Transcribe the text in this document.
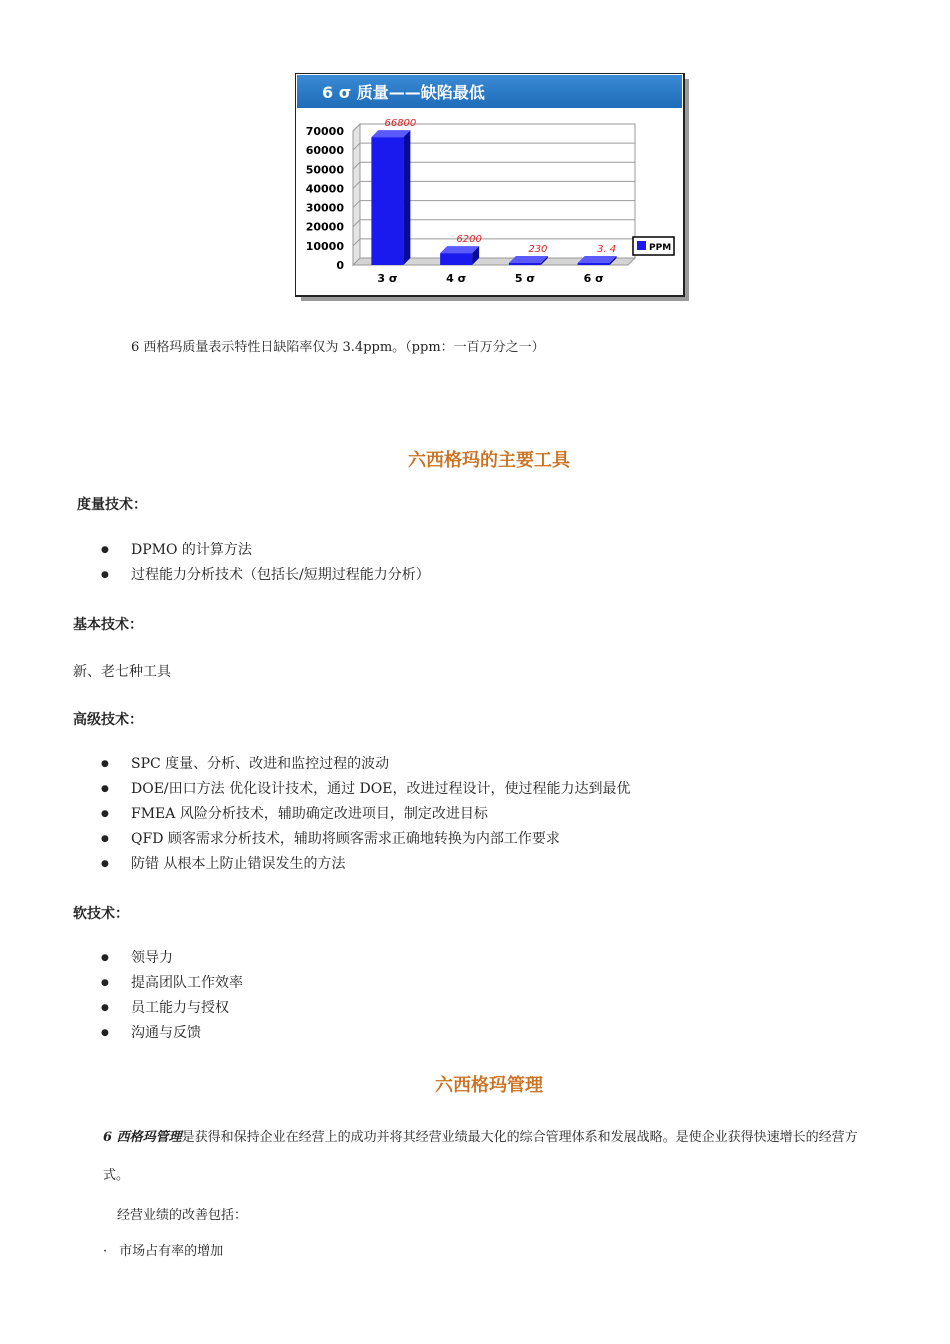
6 σ 质量——缺陷最低
70000
60000
50000
40000
30000
20000
10000
0
66800
3 σ
6200
4 σ
230
5 σ
3. 4
6 σ
PPM
6 西格玛质量表示特性日缺陷率仅为 3.4ppm。（ppm：一百万分之一）
六西格玛的主要工具
度量技术：
● DPMO 的计算方法
● 过程能力分析技术（包括长/短期过程能力分析）
基本技术：
新、老七种工具
高级技术：
● SPC 度量、分析、改进和监控过程的波动
● DOE/田口方法 优化设计技术，通过 DOE，改进过程设计，使过程能力达到最优
● FMEA 风险分析技术，辅助确定改进项目，制定改进目标
● QFD 顾客需求分析技术，辅助将顾客需求正确地转换为内部工作要求
● 防错 从根本上防止错误发生的方法
软技术：
● 领导力
● 提高团队工作效率
● 员工能力与授权
● 沟通与反馈
六西格玛管理
6 西格玛管理是获得和保持企业在经营上的成功并将其经营业绩最大化的综合管理体系和发展战略。是使企业获得快速增长的经营方式。
经营业绩的改善包括：
· 市场占有率的增加
